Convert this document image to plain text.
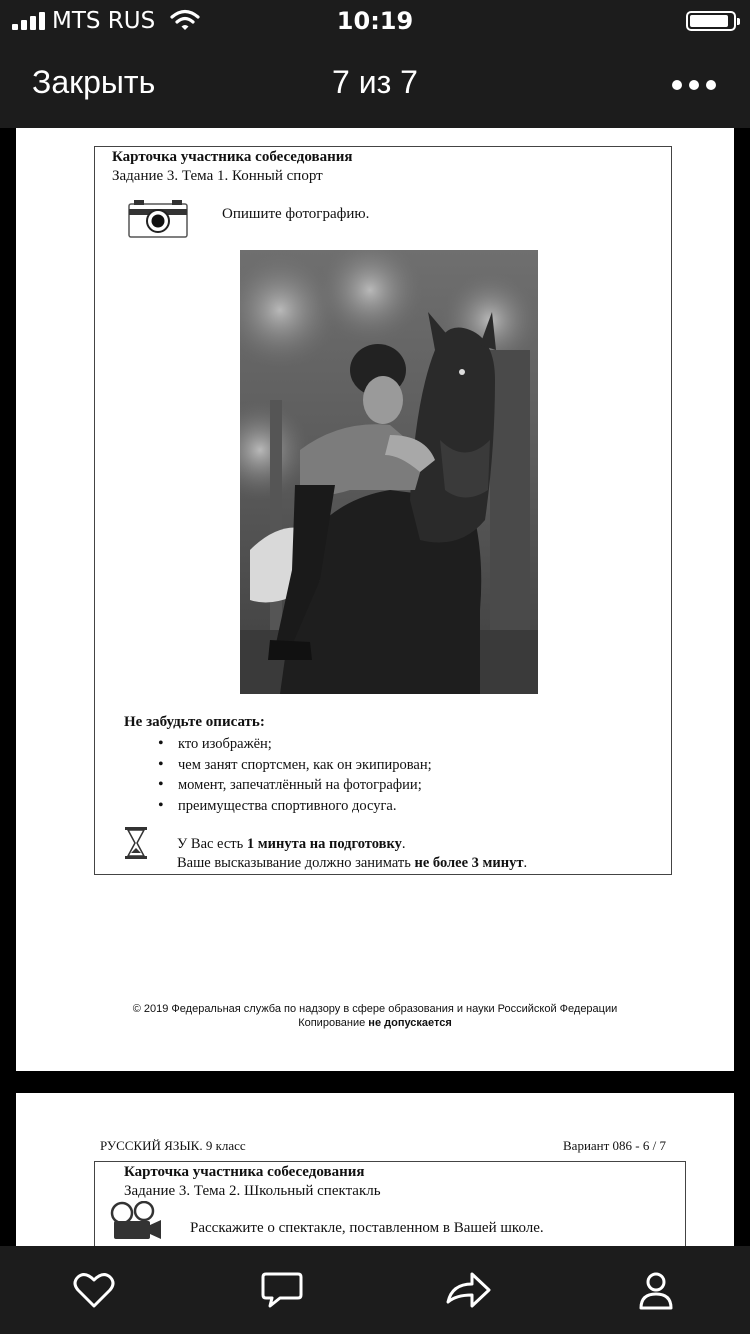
MTS RUS	10:19
Закрыть	7 из 7
Карточка участника собеседования
Задание 3. Тема 1. Конный спорт
Опишите фотографию.
Не забудьте описать:
• кто изображён;
• чем занят спортсмен, как он экипирован;
• момент, запечатлённый на фотографии;
• преимущества спортивного досуга.
У Вас есть 1 минута на подготовку.
Ваше высказывание должно занимать не более 3 минут.
© 2019 Федеральная служба по надзору в сфере образования и науки Российской Федерации
Копирование не допускается
РУССКИЙ ЯЗЫК. 9 класс	Вариант 086 - 6 / 7
Карточка участника собеседования
Задание 3. Тема 2. Школьный спектакль
Расскажите о спектакле, поставленном в Вашей школе.
